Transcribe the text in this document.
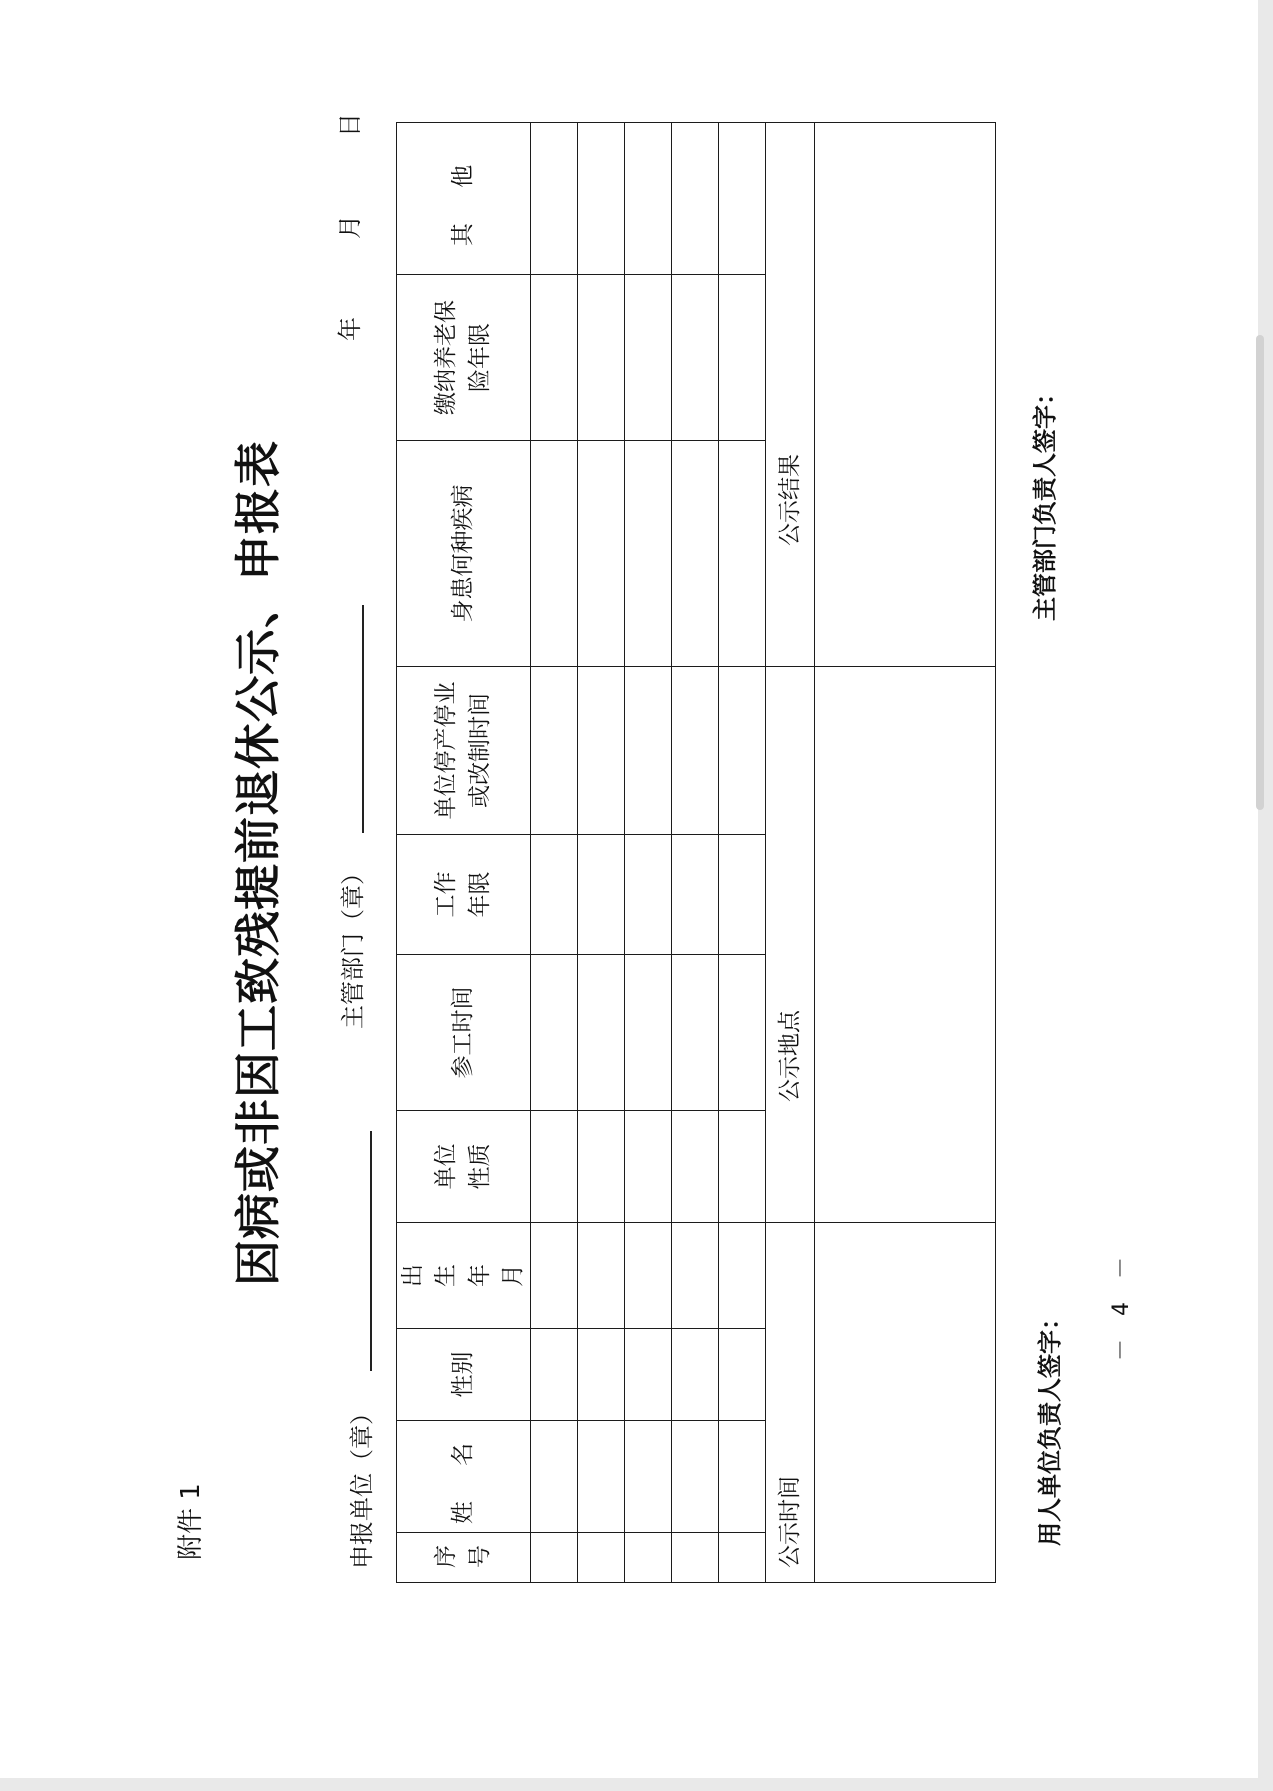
附件 1
因病或非因工致残提前退休公示、申报表
申报单位（章）
主管部门（章）
年
月
日
序号	姓 名	性别	出生年月	单位性质	参工时间	工作年限	单位停产停业或改制时间	身患何种疾病	缴纳养老保险年限	其 他

公示时间				公示地点				公示结果		

用人单位负责人签字：
主管部门负责人签字：
－ 4 －
